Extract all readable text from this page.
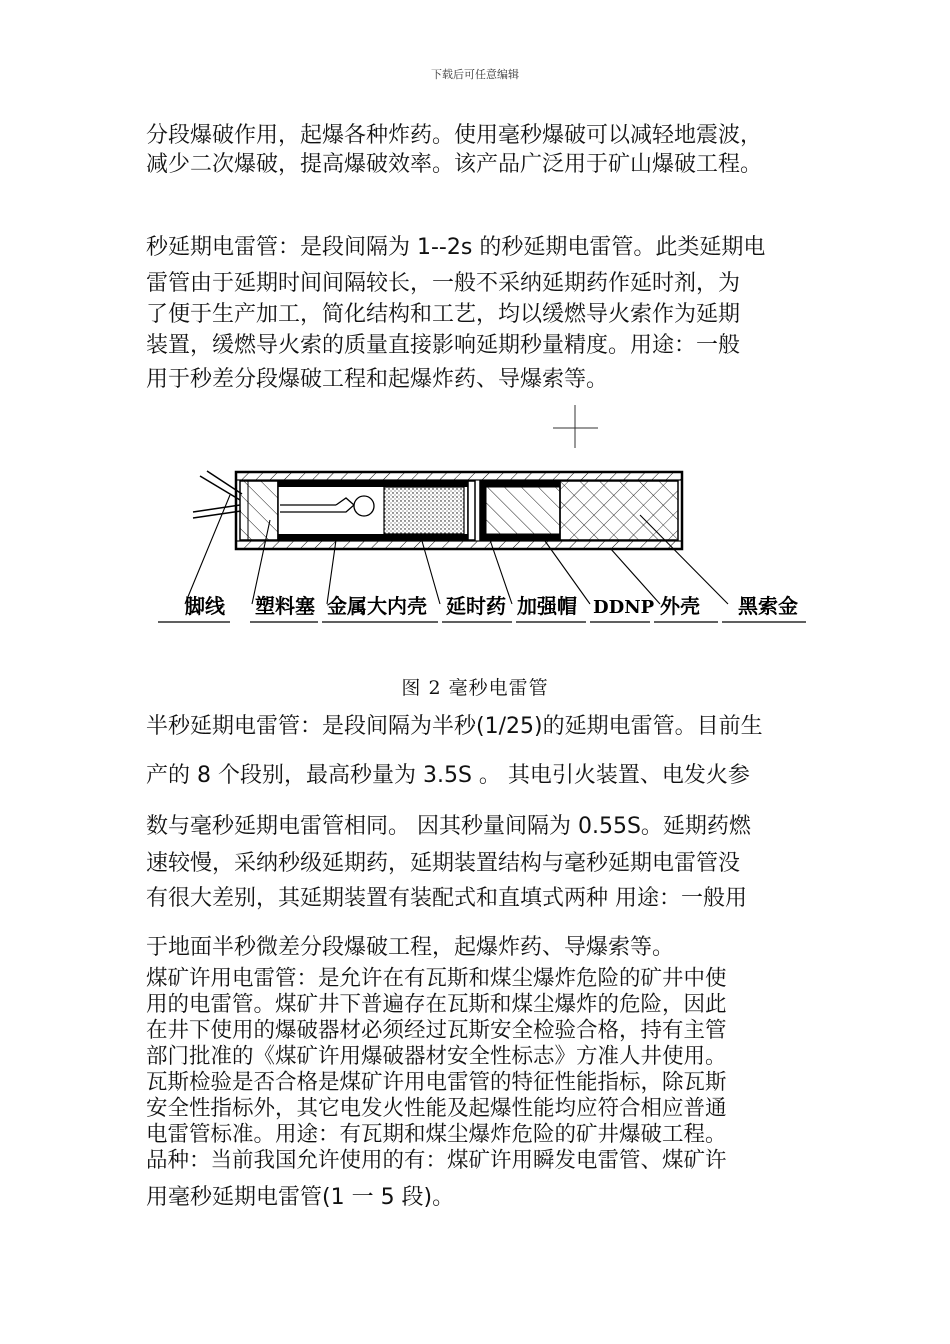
下载后可任意编辑
分段爆破作用，起爆各种炸药。使用毫秒爆破可以减轻地震波，
减少二次爆破，提高爆破效率。该产品广泛用于矿山爆破工程。
秒延期电雷管：是段间隔为 1--2s 的秒延期电雷管。此类延期电
雷管由于延期时间间隔较长，一般不采纳延期药作延时剂，为
了便于生产加工，简化结构和工艺，均以缓燃导火索作为延期
装置，缓燃导火索的质量直接影响延期秒量精度。用途：一般
用于秒差分段爆破工程和起爆炸药、导爆索等。
脚线 塑料塞 金属大内壳 延时药 加强帽 DDNP 外壳 黑索金
图 2 毫秒电雷管
半秒延期电雷管：是段间隔为半秒(1/25)的延期电雷管。目前生
产的 8 个段别，最高秒量为 3.5S 。 其电引火装置、电发火参
数与毫秒延期电雷管相同。 因其秒量间隔为 0.55S。延期药燃
速较慢，采纳秒级延期药，延期装置结构与毫秒延期电雷管没
有很大差别，其延期装置有装配式和直填式两种 用途：一般用
于地面半秒微差分段爆破工程，起爆炸药、导爆索等。
煤矿许用电雷管：是允许在有瓦斯和煤尘爆炸危险的矿井中使
用的电雷管。煤矿井下普遍存在瓦斯和煤尘爆炸的危险，因此
在井下使用的爆破器材必须经过瓦斯安全检验合格，持有主管
部门批准的《煤矿许用爆破器材安全性标志》方准人井使用。
瓦斯检验是否合格是煤矿许用电雷管的特征性能指标，除瓦斯
安全性指标外，其它电发火性能及起爆性能均应符合相应普通
电雷管标准。用途：有瓦期和煤尘爆炸危险的矿井爆破工程。
品种：当前我国允许使用的有：煤矿许用瞬发电雷管、煤矿许
用毫秒延期电雷管(1 一 5 段)。
